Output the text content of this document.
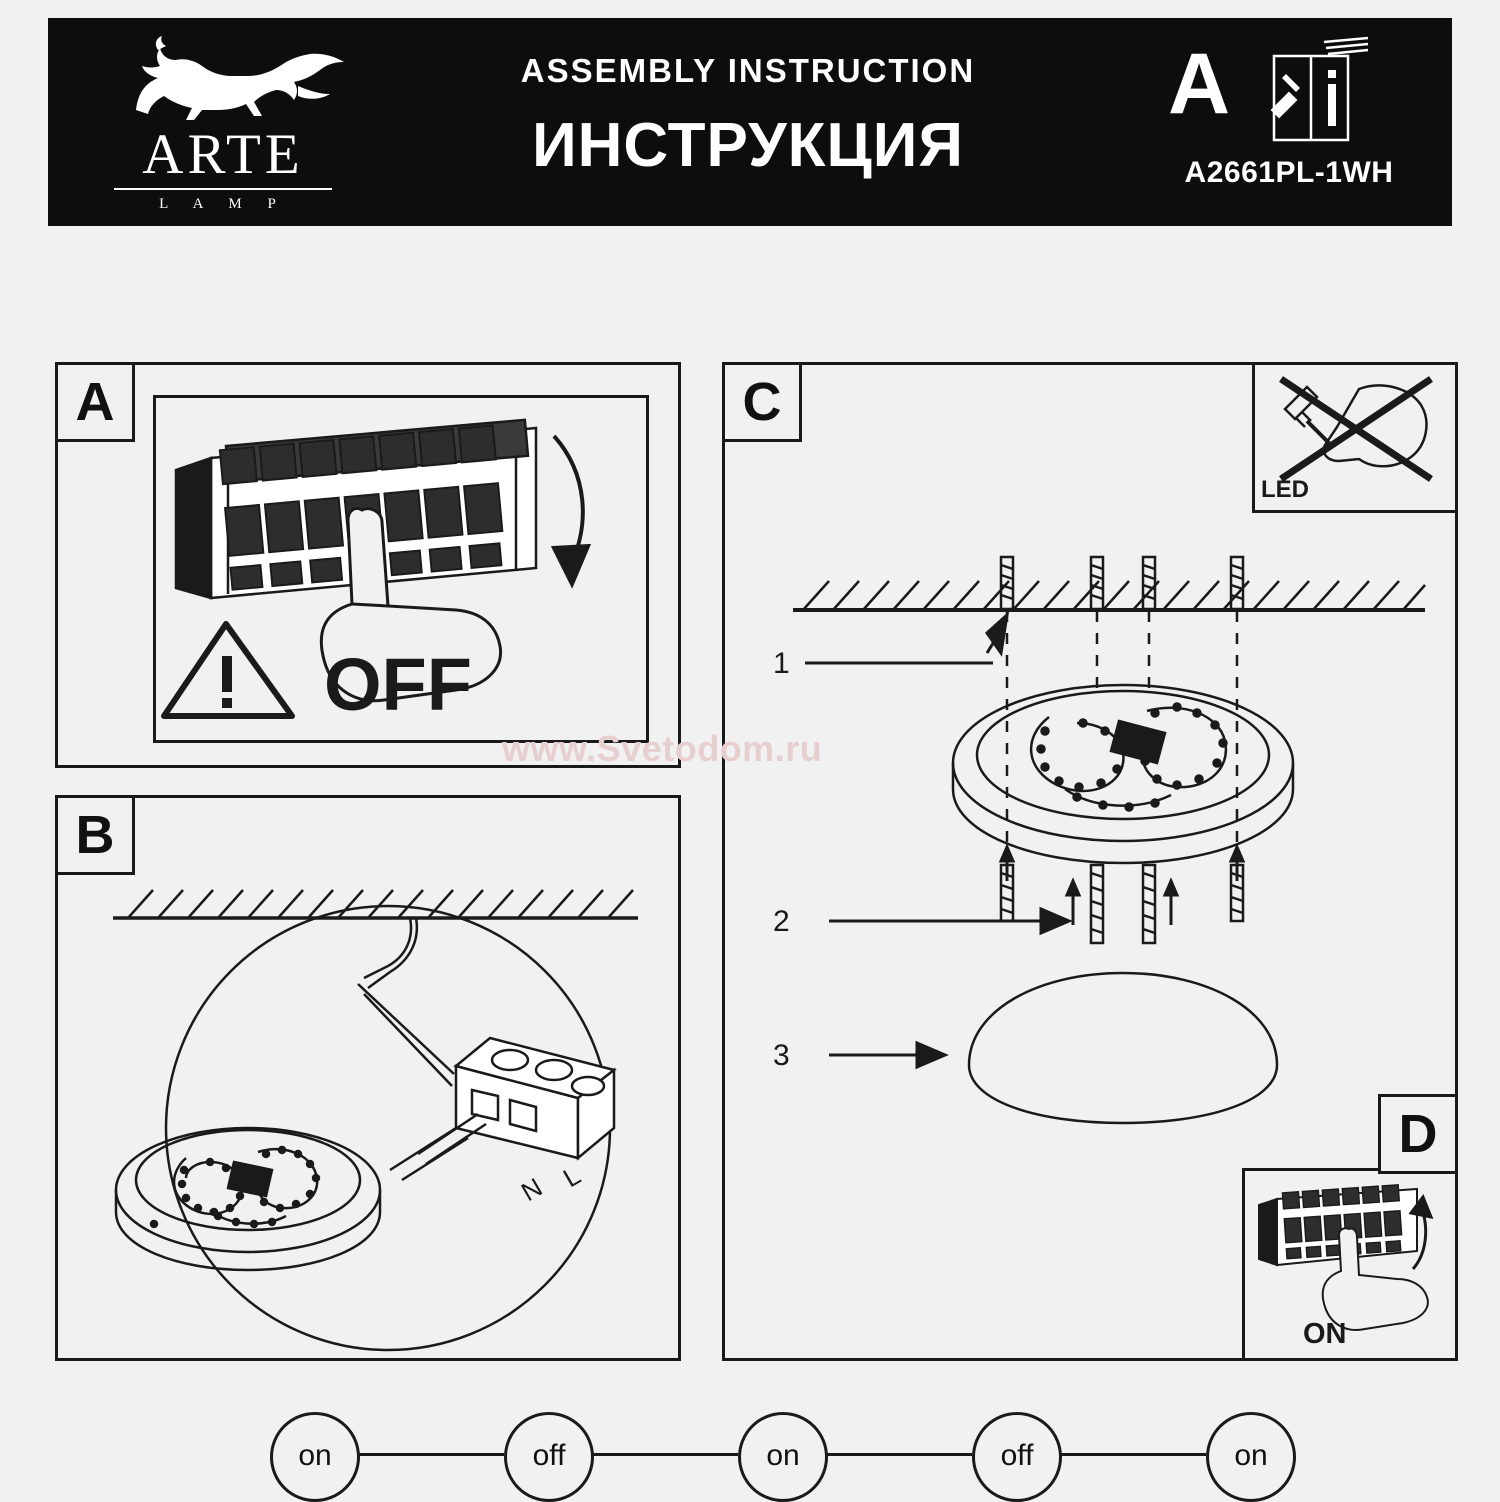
ARTE
L A M P
ASSEMBLY INSTRUCTION
ИНСТРУКЦИЯ
A
A2661PL-1WH
A
OFF
B
N L
C
LED
1
2
3
D
ON
www.Svetodom.ru
on	off	on	off	on
